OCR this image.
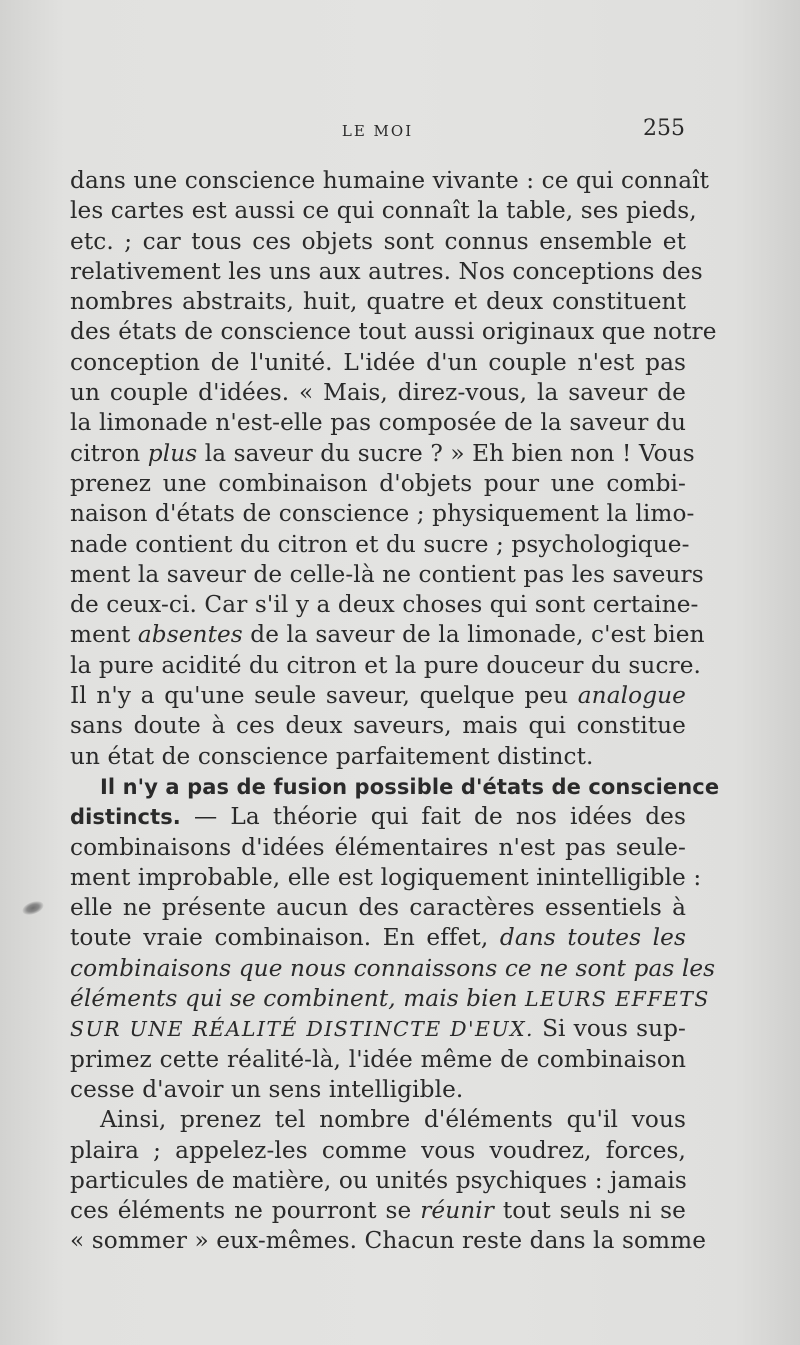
LE MOI	255
dans une conscience humaine vivante : ce qui connaît
les cartes est aussi ce qui connaît la table, ses pieds,
etc. ; car tous ces objets sont connus ensemble et
relativement les uns aux autres. Nos conceptions des
nombres abstraits, huit, quatre et deux constituent
des états de conscience tout aussi originaux que notre
conception de l'unité. L'idée d'un couple n'est pas
un couple d'idées. « Mais, direz-vous, la saveur de
la limonade n'est-elle pas composée de la saveur du
citron plus la saveur du sucre ? » Eh bien non ! Vous
prenez une combinaison d'objets pour une combi-
naison d'états de conscience ; physiquement la limo-
nade contient du citron et du sucre ; psychologique-
ment la saveur de celle-là ne contient pas les saveurs
de ceux-ci. Car s'il y a deux choses qui sont certaine-
ment absentes de la saveur de la limonade, c'est bien
la pure acidité du citron et la pure douceur du sucre.
Il n'y a qu'une seule saveur, quelque peu analogue
sans doute à ces deux saveurs, mais qui constitue
un état de conscience parfaitement distinct.
Il n'y a pas de fusion possible d'états de conscience
distincts. — La théorie qui fait de nos idées des
combinaisons d'idées élémentaires n'est pas seule-
ment improbable, elle est logiquement inintelligible :
elle ne présente aucun des caractères essentiels à
toute vraie combinaison. En effet, dans toutes les
combinaisons que nous connaissons ce ne sont pas les
éléments qui se combinent, mais bien LEURS EFFETS
SUR UNE RÉALITÉ DISTINCTE D'EUX. Si vous sup-
primez cette réalité-là, l'idée même de combinaison
cesse d'avoir un sens intelligible.
Ainsi, prenez tel nombre d'éléments qu'il vous
plaira ; appelez-les comme vous voudrez, forces,
particules de matière, ou unités psychiques : jamais
ces éléments ne pourront se réunir tout seuls ni se
« sommer » eux-mêmes. Chacun reste dans la somme
